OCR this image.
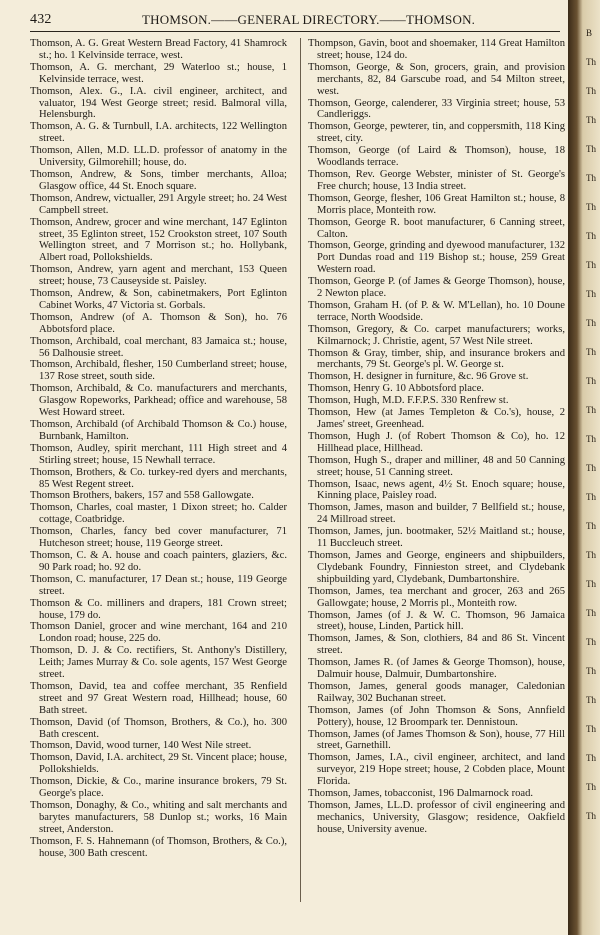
432	THOMSON.——GENERAL DIRECTORY.——THOMSON.
Thomson, A. G. Great Western Bread Factory, 41 Shamrock st.; ho. 1 Kelvinside terrace, west.
Thomson, A. G. merchant, 29 Waterloo st.; house, 1 Kelvinside terrace, west.
Thomson, Alex. G., I.A. civil engineer, architect, and valuator, 194 West George street; resid. Balmoral villa, Helensburgh.
Thomson, A. G. & Turnbull, I.A. architects, 122 Wellington street.
Thomson, Allen, M.D. LL.D. professor of anatomy in the University, Gilmorehill; house, do.
Thomson, Andrew, & Sons, timber merchants, Alloa; Glasgow office, 44 St. Enoch square.
Thomson, Andrew, victualler, 291 Argyle street; ho. 24 West Campbell street.
Thomson, Andrew, grocer and wine merchant, 147 Eglinton street, 35 Eglinton street, 152 Crookston street, 107 South Wellington street, and 7 Morrison st.; ho. Hollybank, Albert road, Pollokshields.
Thomson, Andrew, yarn agent and merchant, 153 Queen street; house, 73 Causeyside st. Paisley.
Thomson, Andrew, & Son, cabinetmakers, Port Eglinton Cabinet Works, 47 Victoria st. Gorbals.
Thomson, Andrew (of A. Thomson & Son), ho. 76 Abbotsford place.
Thomson, Archibald, coal merchant, 83 Jamaica st.; house, 56 Dalhousie street.
Thomson, Archibald, flesher, 150 Cumberland street; house, 137 Rose street, south side.
Thomson, Archibald, & Co. manufacturers and merchants, Glasgow Ropeworks, Parkhead; office and warehouse, 58 West Howard street.
Thomson, Archibald (of Archibald Thomson & Co.) house, Burnbank, Hamilton.
Thomson, Audley, spirit merchant, 111 High street and 4 Stirling street; house, 15 Newhall terrace.
Thomson, Brothers, & Co. turkey-red dyers and merchants, 85 West Regent street.
Thomson Brothers, bakers, 157 and 558 Gallowgate.
Thomson, Charles, coal master, 1 Dixon street; ho. Calder cottage, Coatbridge.
Thomson, Charles, fancy bed cover manufacturer, 71 Hutcheson street; house, 119 George street.
Thomson, C. & A. house and coach painters, glaziers, &c. 90 Park road; ho. 92 do.
Thomson, C. manufacturer, 17 Dean st.; house, 119 George street.
Thomson & Co. milliners and drapers, 181 Crown street; house, 179 do.
Thomson Daniel, grocer and wine merchant, 164 and 210 London road; house, 225 do.
Thomson, D. J. & Co. rectifiers, St. Anthony's Distillery, Leith; James Murray & Co. sole agents, 157 West George street.
Thomson, David, tea and coffee merchant, 35 Renfield street and 97 Great Western road, Hillhead; house, 60 Bath street.
Thomson, David (of Thomson, Brothers, & Co.), ho. 300 Bath crescent.
Thomson, David, wood turner, 140 West Nile street.
Thomson, David, I.A. architect, 29 St. Vincent place; house, Pollokshields.
Thomson, Dickie, & Co., marine insurance brokers, 79 St. George's place.
Thomson, Donaghy, & Co., whiting and salt merchants and barytes manufacturers, 58 Dunlop st.; works, 16 Main street, Anderston.
Thomson, F. S. Hahnemann (of Thomson, Brothers, & Co.), house, 300 Bath crescent.
Thompson, Gavin, boot and shoemaker, 114 Great Hamilton street; house, 124 do.
Thomson, George, & Son, grocers, grain, and provision merchants, 82, 84 Garscube road, and 54 Milton street, west.
Thomson, George, calenderer, 33 Virginia street; house, 53 Candleriggs.
Thomson, George, pewterer, tin, and coppersmith, 118 King street, city.
Thomson, George (of Laird & Thomson), house, 18 Woodlands terrace.
Thomson, Rev. George Webster, minister of St. George's Free church; house, 13 India street.
Thomson, George, flesher, 106 Great Hamilton st.; house, 8 Morris place, Monteith row.
Thomson, George R. boot manufacturer, 6 Canning street, Calton.
Thomson, George, grinding and dyewood manufacturer, 132 Port Dundas road and 119 Bishop st.; house, 259 Great Western road.
Thomson, George P. (of James & George Thomson), house, 2 Newton place.
Thomson, Graham H. (of P. & W. M'Lellan), ho. 10 Doune terrace, North Woodside.
Thomson, Gregory, & Co. carpet manufacturers; works, Kilmarnock; J. Christie, agent, 57 West Nile street.
Thomson & Gray, timber, ship, and insurance brokers and merchants, 79 St. George's pl. W. George st.
Thomson, H. designer in furniture, &c. 96 Grove st.
Thomson, Henry G. 10 Abbotsford place.
Thomson, Hugh, M.D. F.F.P.S. 330 Renfrew st.
Thomson, Hew (at James Templeton & Co.'s), house, 2 James' street, Greenhead.
Thomson, Hugh J. (of Robert Thomson & Co), ho. 12 Hillhead place, Hillhead.
Thomson, Hugh S., draper and milliner, 48 and 50 Canning street; house, 51 Canning street.
Thomson, Isaac, news agent, 4½ St. Enoch square; house, Kinning place, Paisley road.
Thomson, James, mason and builder, 7 Bellfield st.; house, 24 Millroad street.
Thomson, James, jun. bootmaker, 52½ Maitland st.; house, 11 Buccleuch street.
Thomson, James and George, engineers and shipbuilders, Clydebank Foundry, Finnieston street, and Clydebank shipbuilding yard, Clydebank, Dumbartonshire.
Thomson, James, tea merchant and grocer, 263 and 265 Gallowgate; house, 2 Morris pl., Monteith row.
Thomson, James (of J. & W. C. Thomson, 96 Jamaica street), house, Linden, Partick hill.
Thomson, James, & Son, clothiers, 84 and 86 St. Vincent street.
Thomson, James R. (of James & George Thomson), house, Dalmuir house, Dalmuir, Dumbartonshire.
Thomson, James, general goods manager, Caledonian Railway, 302 Buchanan street.
Thomson, James (of John Thomson & Sons, Annfield Pottery), house, 12 Broompark ter. Dennistoun.
Thomson, James (of James Thomson & Son), house, 77 Hill street, Garnethill.
Thomson, James, I.A., civil engineer, architect, and land surveyor, 219 Hope street; house, 2 Cobden place, Mount Florida.
Thomson, James, tobacconist, 196 Dalmarnock road.
Thomson, James, LL.D. professor of civil engineering and mechanics, University, Glasgow; residence, Oakfield house, University avenue.
B
Th
Th
Th
Th
Th
Th
Th
Th
Th
Th
Th
Th
Th
Th
Th
Th
Th
Th
Th
Th
Th
Th
Th
Th
Th
Th
Th
